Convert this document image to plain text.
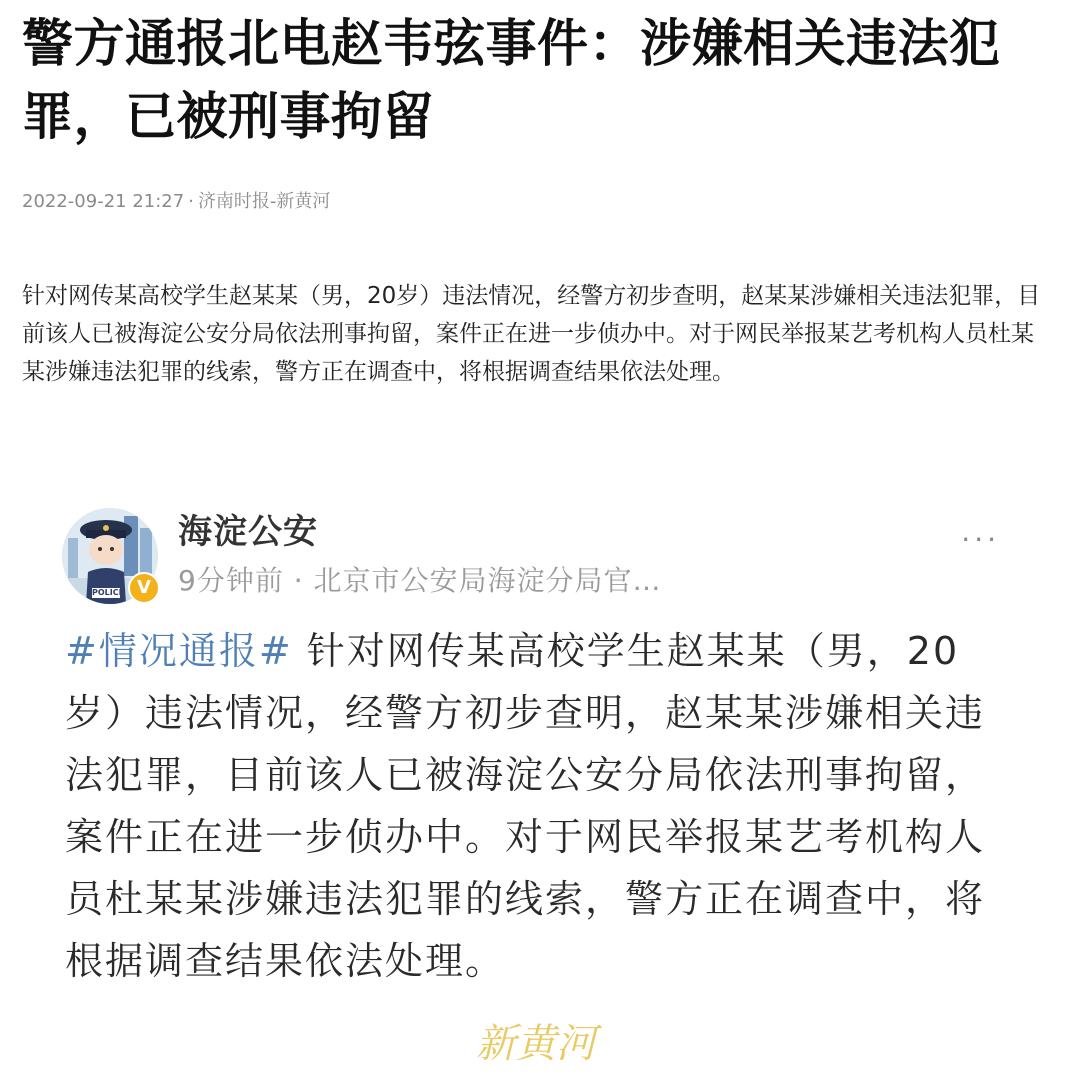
警方通报北电赵韦弦事件：涉嫌相关违法犯罪，已被刑事拘留
2022-09-21 21:27 · 济南时报-新黄河

针对网传某高校学生赵某某（男，20岁）违法情况，经警方初步查明，赵某某涉嫌相关违法犯罪，目前该人已被海淀公安分局依法刑事拘留，案件正在进一步侦办中。对于网民举报某艺考机构人员杜某某涉嫌违法犯罪的线索，警方正在调查中，将根据调查结果依法处理。

POLICE V
海淀公安
9分钟前 · 北京市公安局海淀分局官…
···

#情况通报# 针对网传某高校学生赵某某（男，20岁）违法情况，经警方初步查明，赵某某涉嫌相关违法犯罪，目前该人已被海淀公安分局依法刑事拘留，案件正在进一步侦办中。对于网民举报某艺考机构人员杜某某涉嫌违法犯罪的线索，警方正在调查中，将根据调查结果依法处理。

新黄河
